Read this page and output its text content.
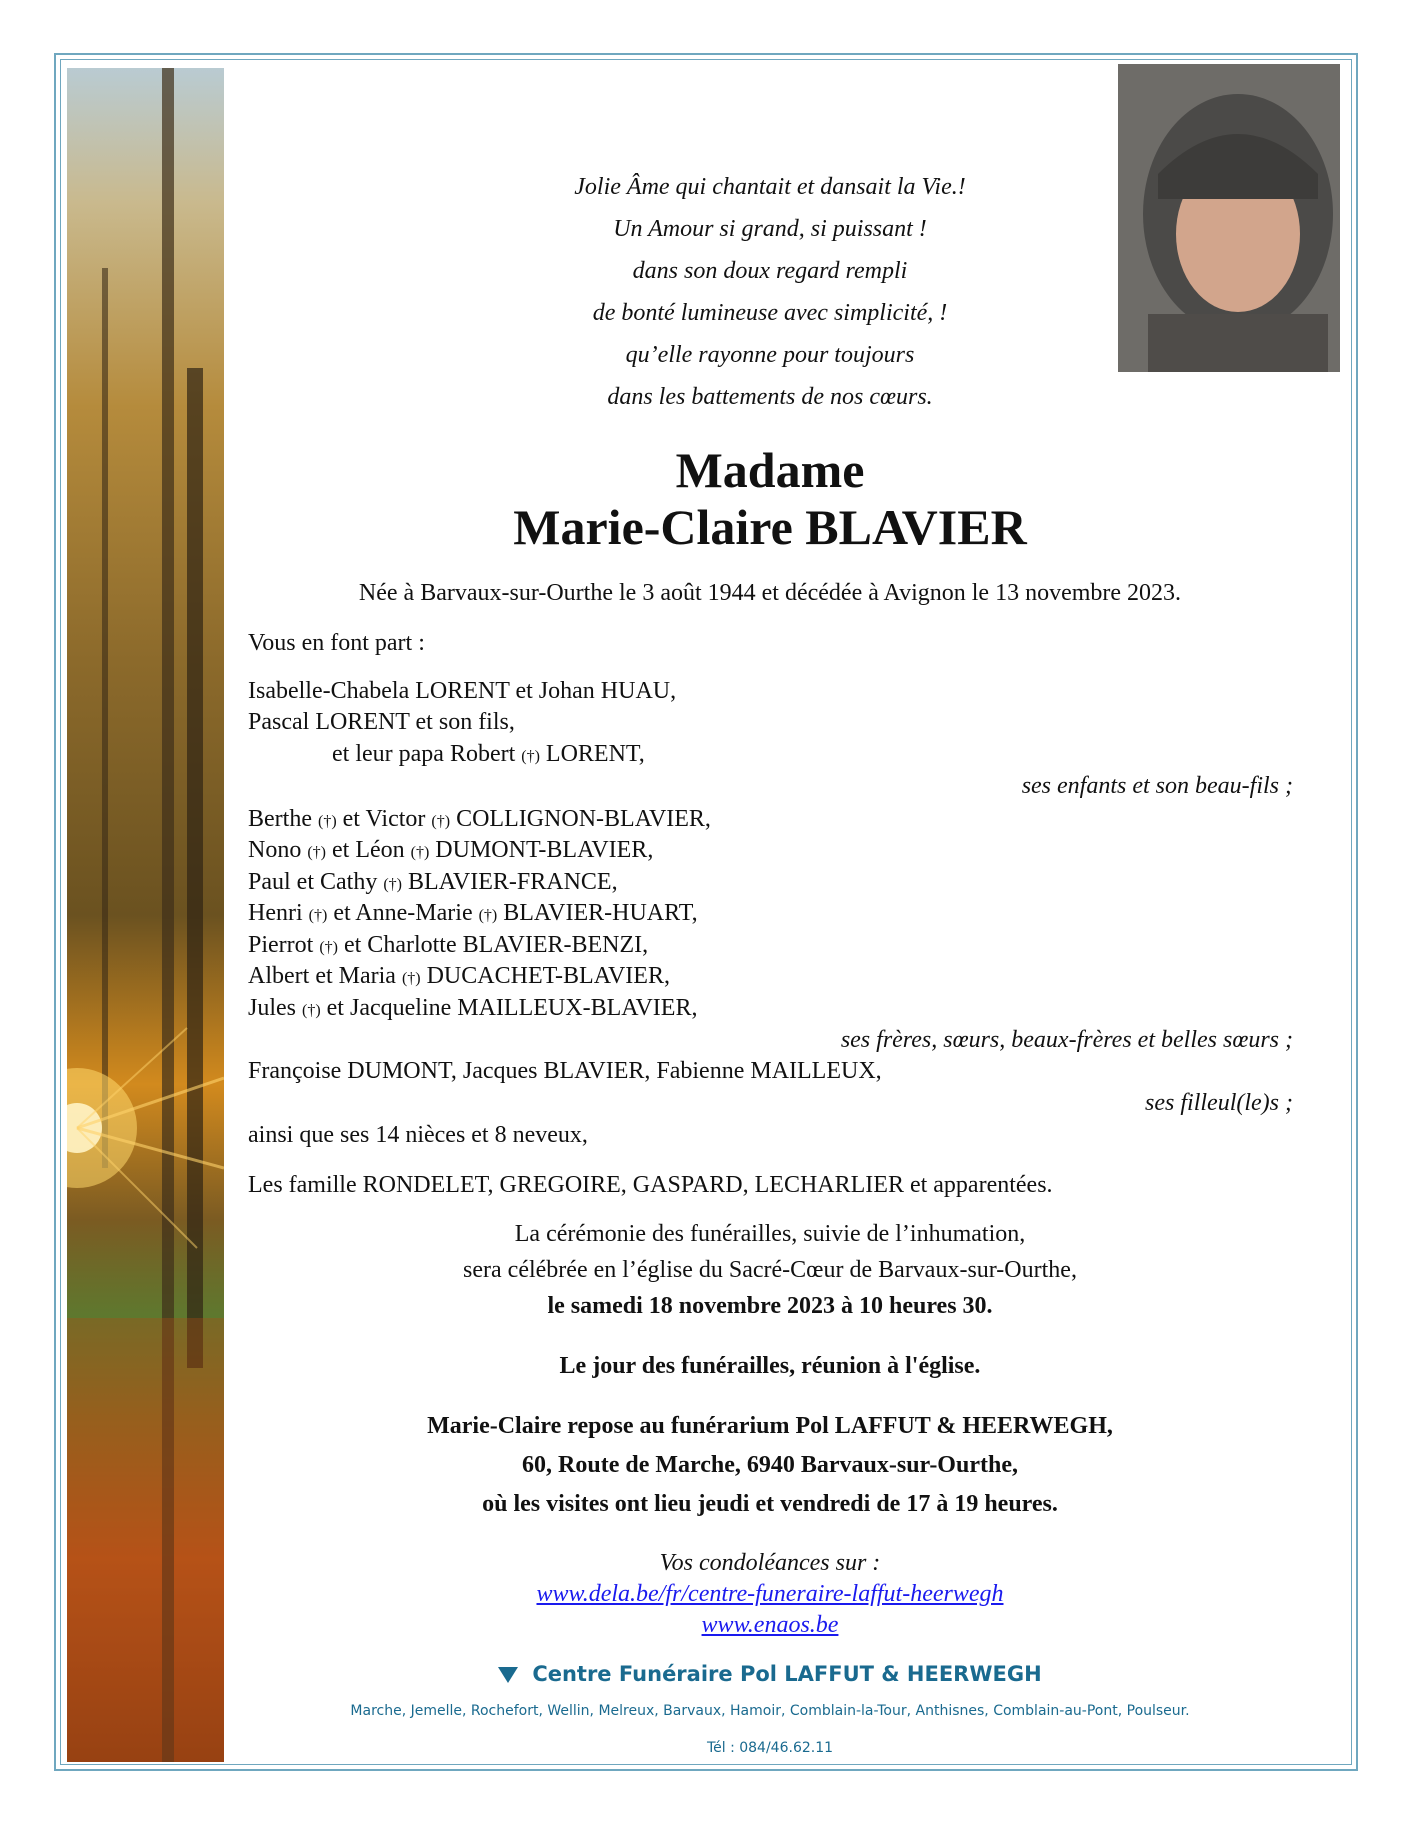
Jolie Âme qui chantait et dansait la Vie.!
Un Amour si grand, si puissant !
dans son doux regard rempli
de bonté lumineuse avec simplicité, !
qu’elle rayonne pour toujours
dans les battements de nos cœurs.
Madame
Marie-Claire BLAVIER
Née à Barvaux-sur-Ourthe le 3 août 1944 et décédée à Avignon le 13 novembre 2023.
Vous en font part :
Isabelle-Chabela LORENT et Johan HUAU,
Pascal LORENT et son fils,
et leur papa Robert (†) LORENT,
ses enfants et son beau-fils ;
Berthe (†) et Victor (†) COLLIGNON-BLAVIER,
Nono (†) et Léon (†) DUMONT-BLAVIER,
Paul et Cathy (†) BLAVIER-FRANCE,
Henri (†) et Anne-Marie (†) BLAVIER-HUART,
Pierrot (†) et Charlotte BLAVIER-BENZI,
Albert et Maria (†) DUCACHET-BLAVIER,
Jules (†) et Jacqueline MAILLEUX-BLAVIER,
ses frères, sœurs, beaux-frères et belles sœurs ;
Françoise DUMONT, Jacques BLAVIER, Fabienne MAILLEUX,
ses filleul(le)s ;
ainsi que ses 14 nièces et 8 neveux,
Les famille RONDELET, GREGOIRE, GASPARD, LECHARLIER et apparentées.
La cérémonie des funérailles, suivie de l’inhumation,
sera célébrée en l’église du Sacré-Cœur de Barvaux-sur-Ourthe,
le samedi 18 novembre 2023 à 10 heures 30.
Le jour des funérailles, réunion à l'église.
Marie-Claire repose au funérarium Pol LAFFUT & HEERWEGH,
60, Route de Marche, 6940 Barvaux-sur-Ourthe,
où les visites ont lieu jeudi et vendredi de 17 à 19 heures.
Vos condoléances sur :
www.dela.be/fr/centre-funeraire-laffut-heerwegh
www.enaos.be
Centre Funéraire Pol LAFFUT & HEERWEGH
Marche, Jemelle, Rochefort, Wellin, Melreux, Barvaux, Hamoir, Comblain-la-Tour, Anthisnes, Comblain-au-Pont, Poulseur.
Tél : 084/46.62.11
